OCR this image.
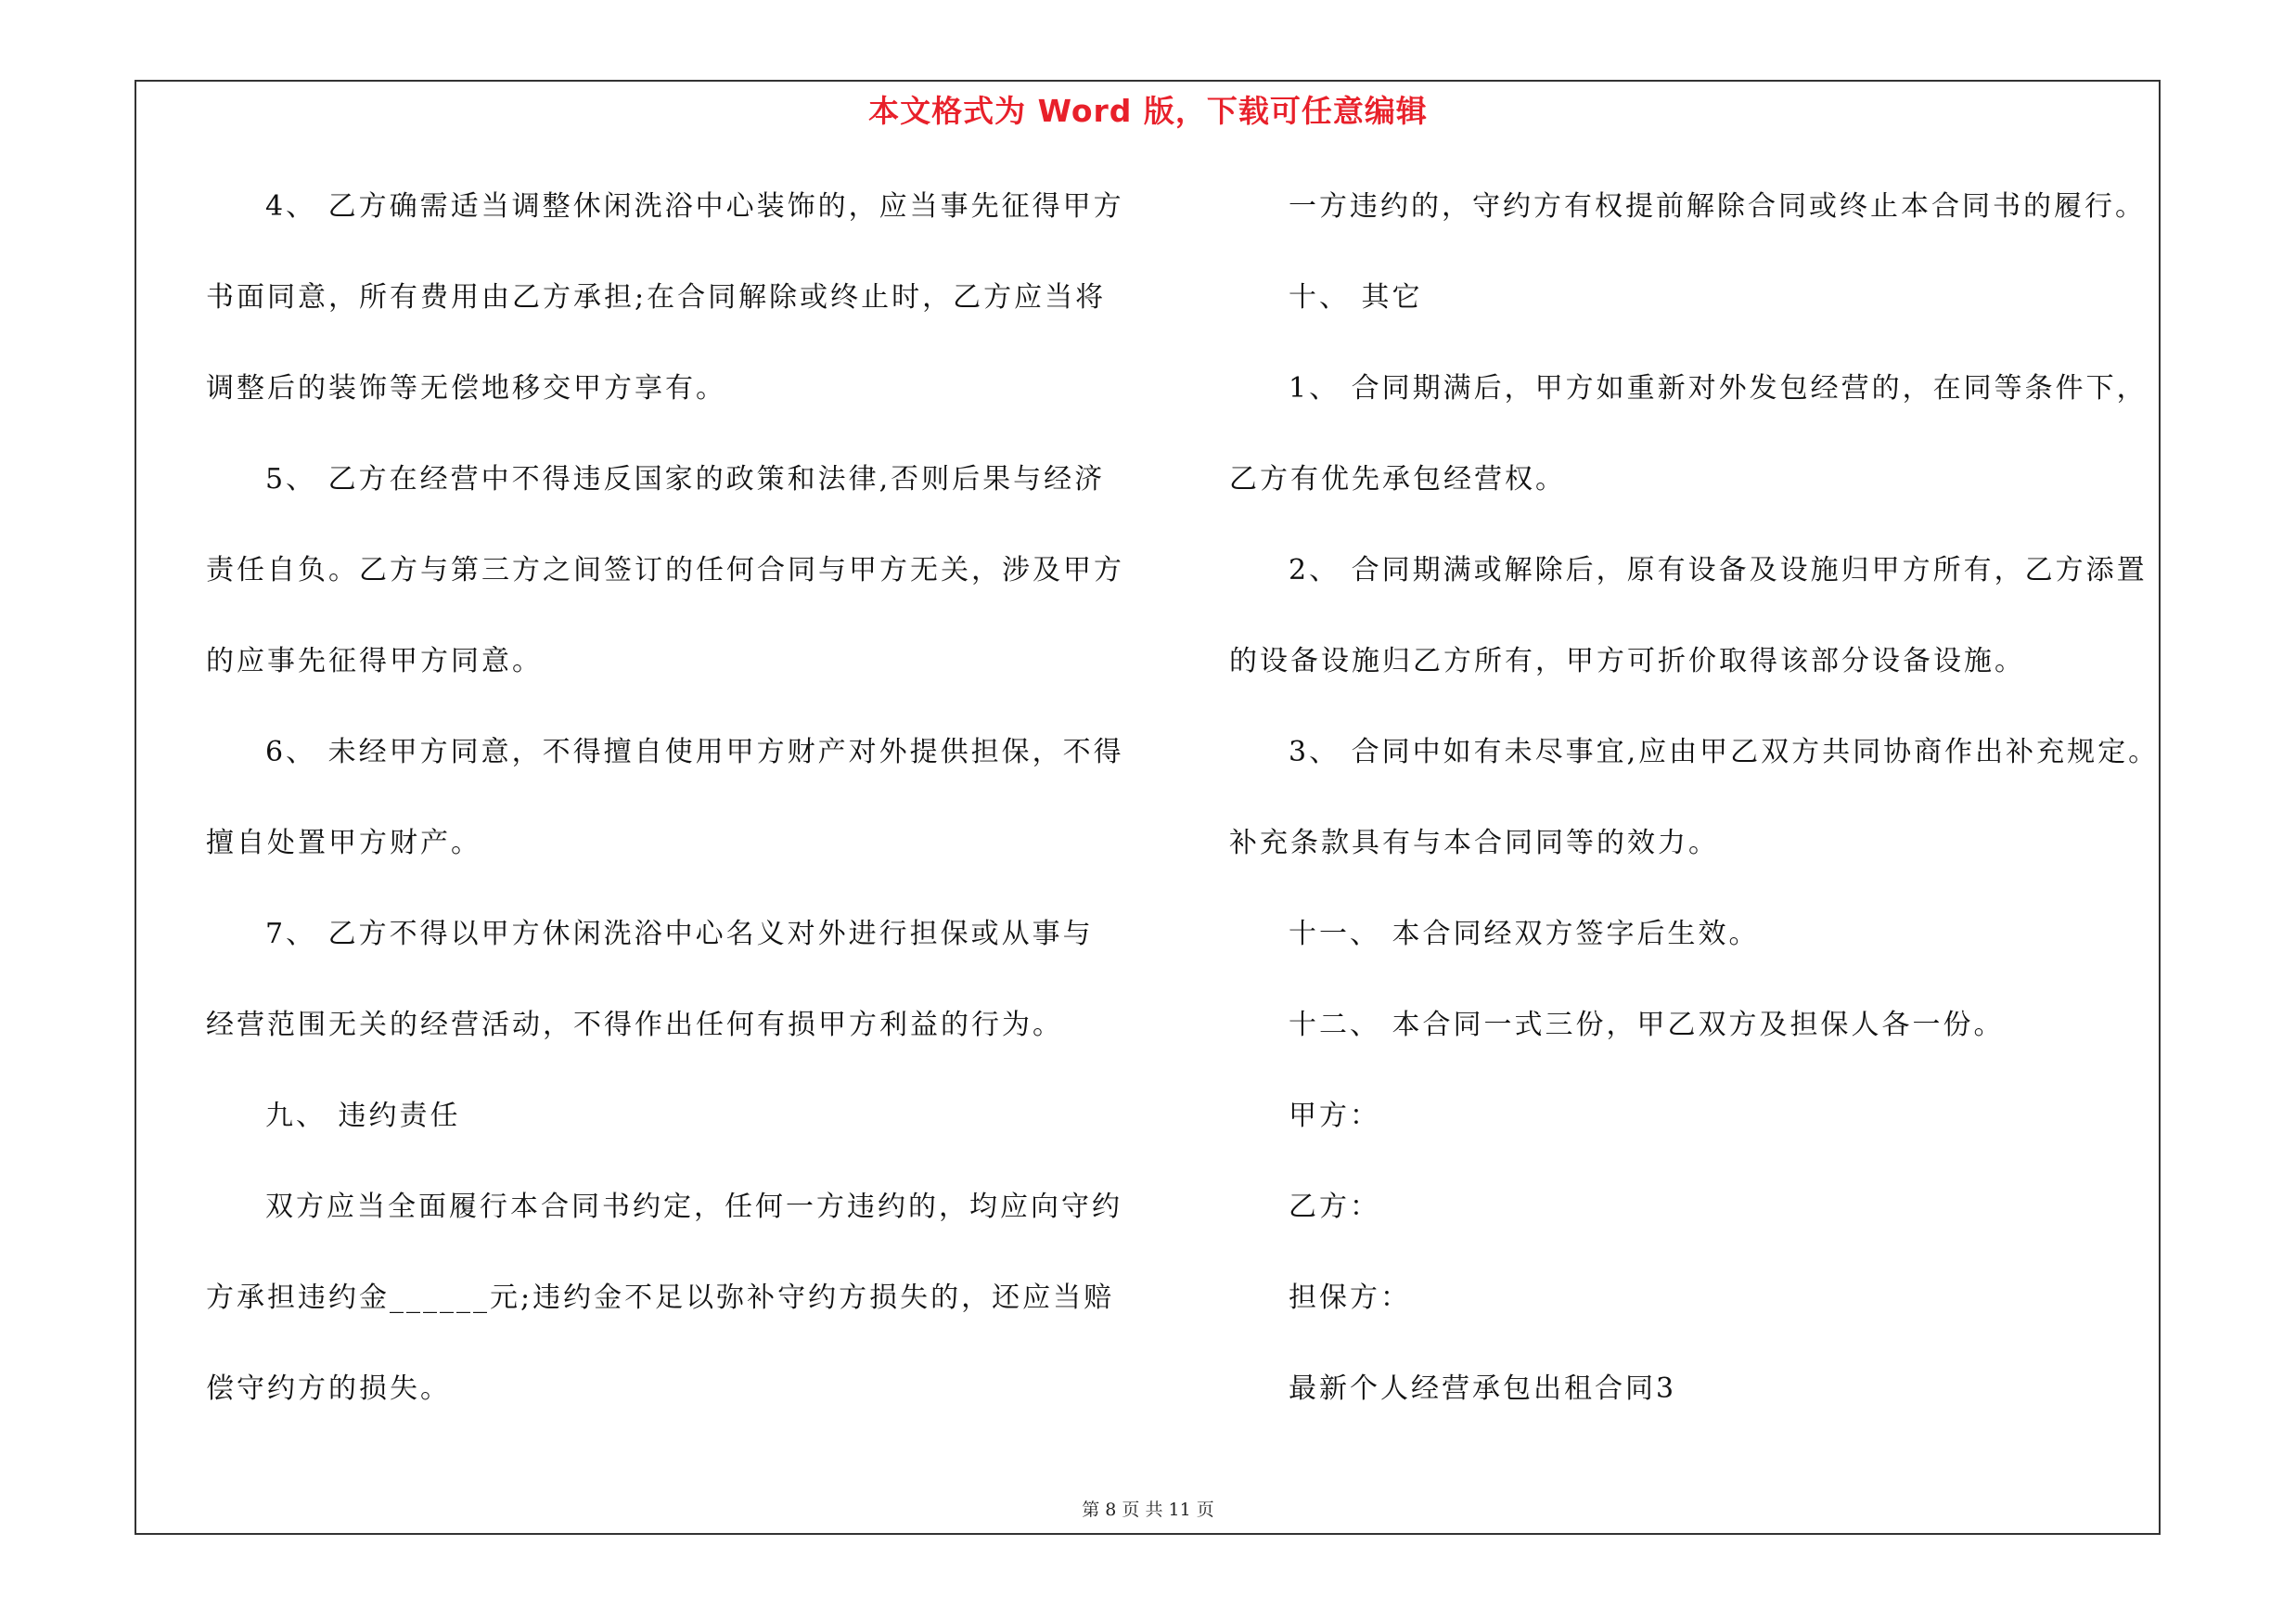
本文格式为 Word 版，下载可任意编辑
4、 乙方确需适当调整休闲洗浴中心装饰的，应当事先征得甲方
书面同意，所有费用由乙方承担;在合同解除或终止时，乙方应当将
调整后的装饰等无偿地移交甲方享有。
5、 乙方在经营中不得违反国家的政策和法律,否则后果与经济
责任自负。乙方与第三方之间签订的任何合同与甲方无关，涉及甲方
的应事先征得甲方同意。
6、 未经甲方同意，不得擅自使用甲方财产对外提供担保，不得
擅自处置甲方财产。
7、 乙方不得以甲方休闲洗浴中心名义对外进行担保或从事与
经营范围无关的经营活动，不得作出任何有损甲方利益的行为。
九、 违约责任
双方应当全面履行本合同书约定，任何一方违约的，均应向守约
方承担违约金______元;违约金不足以弥补守约方损失的，还应当赔
偿守约方的损失。
一方违约的，守约方有权提前解除合同或终止本合同书的履行。
十、 其它
1、 合同期满后，甲方如重新对外发包经营的，在同等条件下，
乙方有优先承包经营权。
2、 合同期满或解除后，原有设备及设施归甲方所有，乙方添置
的设备设施归乙方所有，甲方可折价取得该部分设备设施。
3、 合同中如有未尽事宜,应由甲乙双方共同协商作出补充规定。
补充条款具有与本合同同等的效力。
十一、 本合同经双方签字后生效。
十二、 本合同一式三份，甲乙双方及担保人各一份。
甲方：
乙方：
担保方：
最新个人经营承包出租合同3
第 8 页 共 11 页
